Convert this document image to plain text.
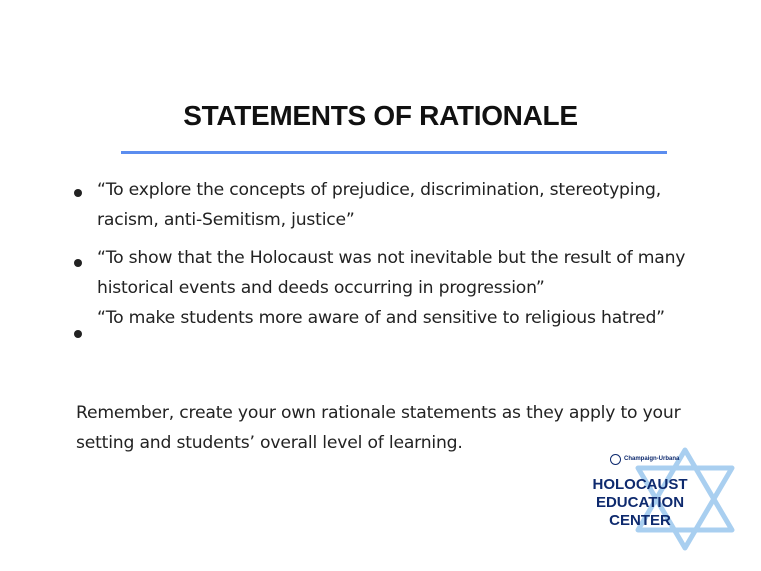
STATEMENTS OF RATIONALE
“To explore the concepts of prejudice, discrimination, stereotyping, racism, anti-Semitism, justice”
“To show that the Holocaust was not inevitable but the result of many historical events and deeds occurring in progression”
“To make students more aware of and sensitive to religious hatred”
Remember, create your own rationale statements as they apply to your setting and students’ overall level of learning.
Champaign-Urbana
HOLOCAUST
EDUCATION
CENTER
